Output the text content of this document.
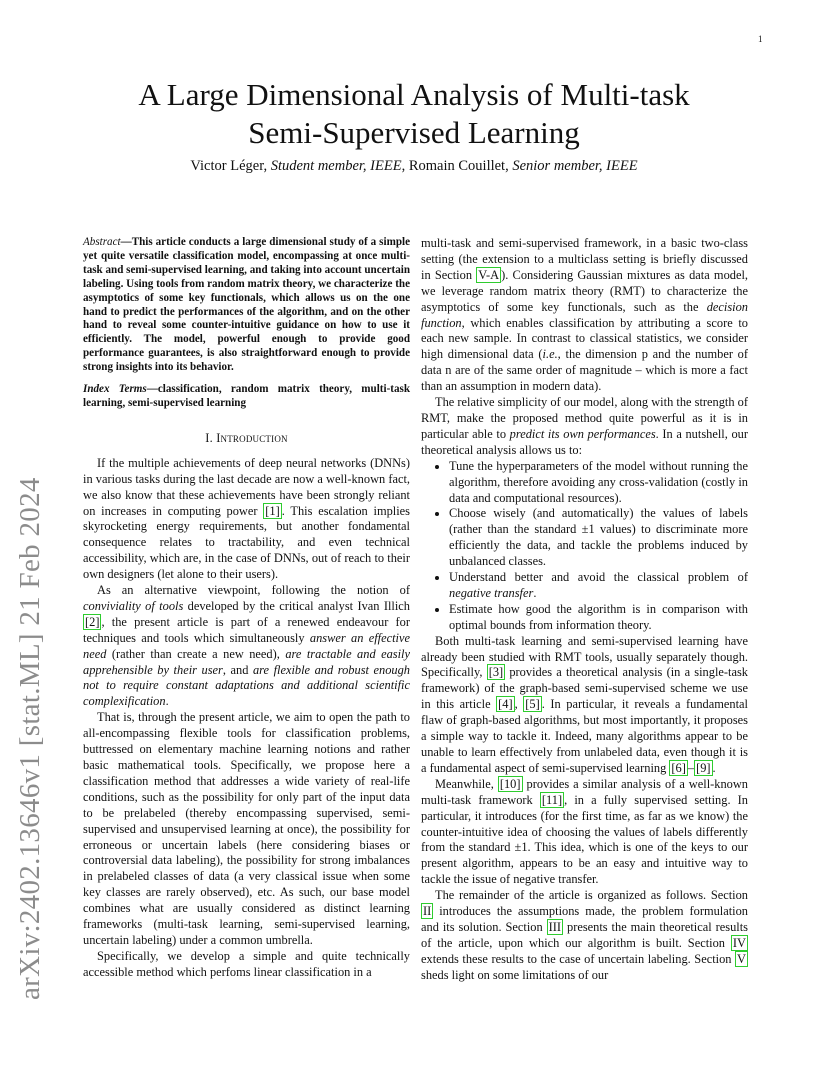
1
arXiv:2402.13646v1 [stat.ML] 21 Feb 2024
A Large Dimensional Analysis of Multi-task
Semi-Supervised Learning
Victor Léger, Student member, IEEE, Romain Couillet, Senior member, IEEE
Abstract—This article conducts a large dimensional study of a simple yet quite versatile classification model, encompassing at once multi-task and semi-supervised learning, and taking into account uncertain labeling. Using tools from random matrix theory, we characterize the asymptotics of some key functionals, which allows us on the one hand to predict the performances of the algorithm, and on the other hand to reveal some counter-intuitive guidance on how to use it efficiently. The model, powerful enough to provide good performance guarantees, is also straightforward enough to provide strong insights into its behavior.
Index Terms—classification, random matrix theory, multi-task learning, semi-supervised learning
I. Introduction

If the multiple achievements of deep neural networks (DNNs) in various tasks during the last decade are now a well-known fact, we also know that these achievements have been strongly reliant on increases in computing power [1] . This escalation implies skyrocketing energy requirements, but another fondamental consequence relates to tractability, and even technical accessibility, which are, in the case of DNNs, out of reach to their own designers (let alone to their users).

As an alternative viewpoint, following the notion of conviviality of tools developed by the critical analyst Ivan Illich [2] , the present article is part of a renewed endeavour for techniques and tools which simultaneously answer an effective need (rather than create a new need), are tractable and easily apprehensible by their user, and are flexible and robust enough not to require constant adaptations and additional scientific complexification.

That is, through the present article, we aim to open the path to all-encompassing flexible tools for classification problems, buttressed on elementary machine learning notions and rather basic mathematical tools. Specifically, we propose here a classification method that addresses a wide variety of real-life conditions, such as the possibility for only part of the input data to be prelabeled (thereby encompassing supervised, semi-supervised and unsupervised learning at once), the possibility for erroneous or uncertain labels (here considering biases or controversial data labeling), the possibility for strong imbalances in prelabeled classes of data (a very classical issue when some key classes are rarely observed), etc. As such, our base model combines what are usually considered as distinct learning frameworks (multi-task learning, semi-supervised learning, uncertain labeling) under a common umbrella.

Specifically, we develop a simple and quite technically accessible method which perfoms linear classification in a

multi-task and semi-supervised framework, in a basic two-class setting (the extension to a multiclass setting is briefly discussed in Section V-A ). Considering Gaussian mixtures as data model, we leverage random matrix theory (RMT) to characterize the asymptotics of some key functionals, such as the decision function, which enables classification by attributing a score to each new sample. In contrast to classical statistics, we consider high dimensional data (i.e., the dimension p and the number of data n are of the same order of magnitude – which is more a fact than an assumption in modern data).

The relative simplicity of our model, along with the strength of RMT, make the proposed method quite powerful as it is in particular able to predict its own performances. In a nutshell, our theoretical analysis allows us to:

• Tune the hyperparameters of the model without running the algorithm, therefore avoiding any cross-validation (costly in data and computational resources).
• Choose wisely (and automatically) the values of labels (rather than the standard ±1 values) to discriminate more efficiently the data, and tackle the problems induced by unbalanced classes.
• Understand better and avoid the classical problem of negative transfer.
• Estimate how good the algorithm is in comparison with optimal bounds from information theory.

Both multi-task learning and semi-supervised learning have already been studied with RMT tools, usually separately though. Specifically, [3] provides a theoretical analysis (in a single-task framework) of the graph-based semi-supervised scheme we use in this article [4] , [5] . In particular, it reveals a fundamental flaw of graph-based algorithms, but most importantly, it proposes a simple way to tackle it. Indeed, many algorithms appear to be unable to learn effectively from unlabeled data, even though it is a fundamental aspect of semi-supervised learning [6] – [9] .

Meanwhile, [10] provides a similar analysis of a well-known multi-task framework [11] , in a fully supervised setting. In particular, it introduces (for the first time, as far as we know) the counter-intuitive idea of choosing the values of labels differently from the standard ±1. This idea, which is one of the keys to our present algorithm, appears to be an easy and intuitive way to tackle the issue of negative transfer.

The remainder of the article is organized as follows. Section II introduces the assumptions made, the problem formulation and its solution. Section III presents the main theoretical results of the article, upon which our algorithm is built. Section IV extends these results to the case of uncertain labeling. Section V sheds light on some limitations of our
